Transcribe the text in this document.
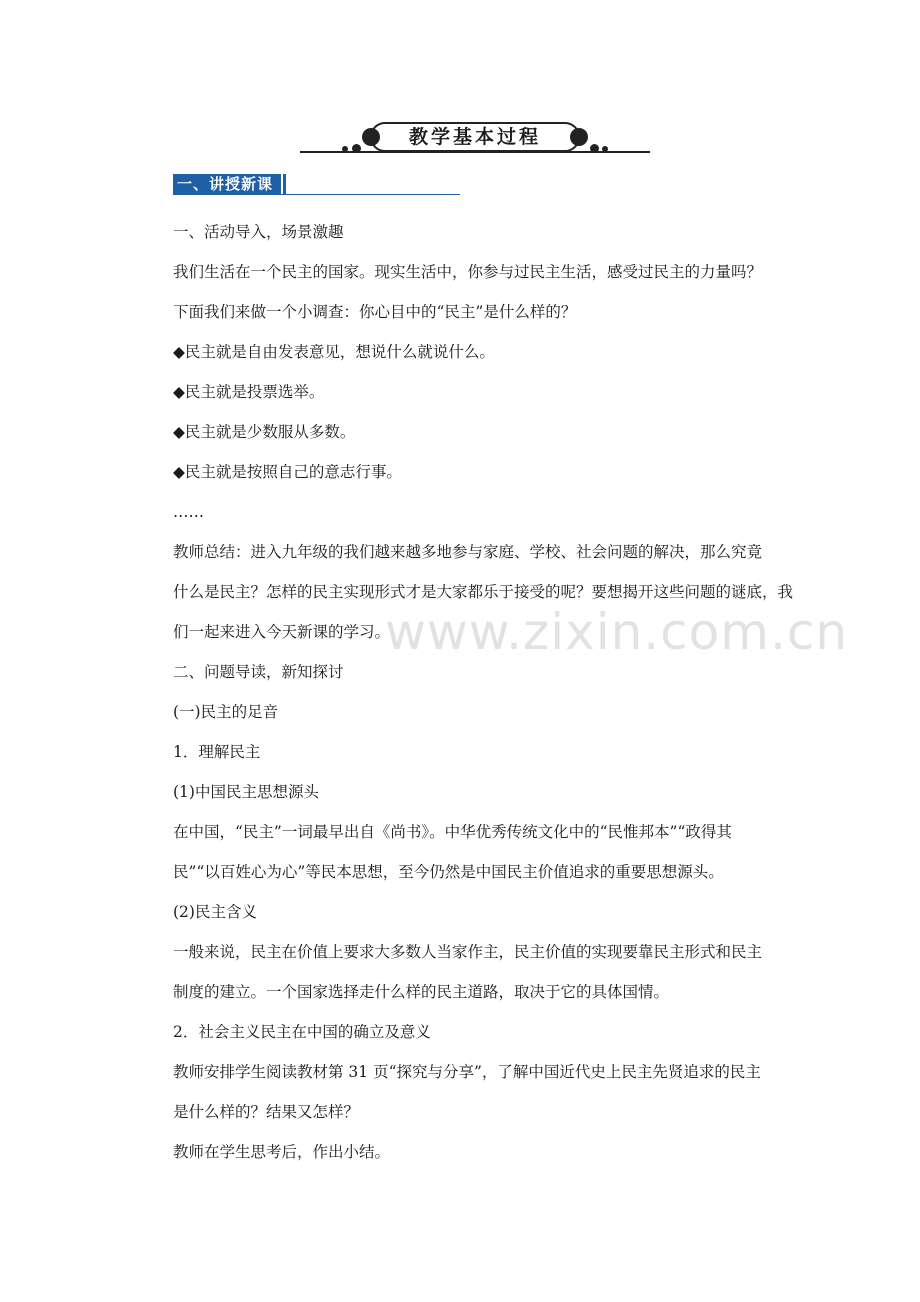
教学基本过程
一、讲授新课
一、活动导入，场景激趣
我们生活在一个民主的国家。现实生活中，你参与过民主生活，感受过民主的力量吗？
下面我们来做一个小调查：你心目中的“民主”是什么样的？
◆民主就是自由发表意见，想说什么就说什么。
◆民主就是投票选举。
◆民主就是少数服从多数。
◆民主就是按照自己的意志行事。
……
教师总结：进入九年级的我们越来越多地参与家庭、学校、社会问题的解决，那么究竟
什么是民主？怎样的民主实现形式才是大家都乐于接受的呢？要想揭开这些问题的谜底，我
们一起来进入今天新课的学习。
二、问题导读，新知探讨
(一)民主的足音
1．理解民主
(1)中国民主思想源头
在中国，“民主”一词最早出自《尚书》。中华优秀传统文化中的“民惟邦本”“政得其
民”“以百姓心为心”等民本思想，至今仍然是中国民主价值追求的重要思想源头。
(2)民主含义
一般来说，民主在价值上要求大多数人当家作主，民主价值的实现要靠民主形式和民主
制度的建立。一个国家选择走什么样的民主道路，取决于它的具体国情。
2．社会主义民主在中国的确立及意义
教师安排学生阅读教材第 31 页“探究与分享”，了解中国近代史上民主先贤追求的民主
是什么样的？结果又怎样？
教师在学生思考后，作出小结。
www.zixin.com.cn
